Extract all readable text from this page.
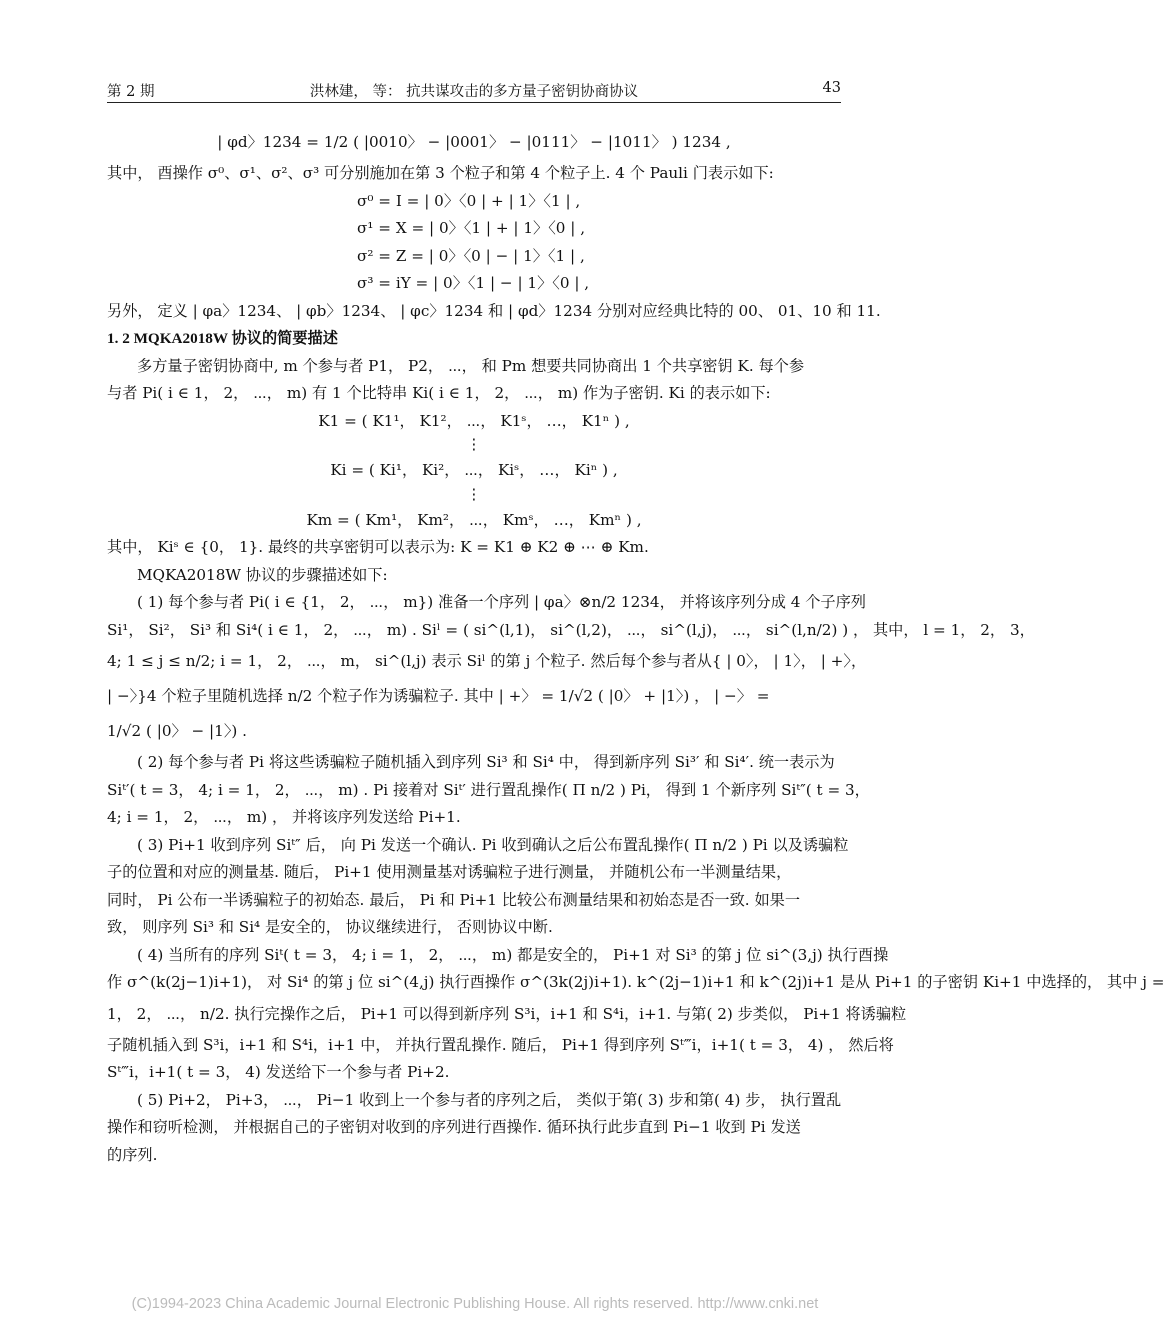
第 2 期	洪林建， 等： 抗共谋攻击的多方量子密钥协商协议	43
| φd〉1234 = 1/2 ( |0010〉 − |0001〉 − |0111〉 − |1011〉 ) 1234 ,
其中， 酉操作 σ⁰、σ¹、σ²、σ³ 可分别施加在第 3 个粒子和第 4 个粒子上. 4 个 Pauli 门表示如下:
σ⁰ = I = | 0〉〈0 | + | 1〉〈1 | ,
σ¹ = X = | 0〉〈1 | + | 1〉〈0 | ,
σ² = Z = | 0〉〈0 | − | 1〉〈1 | ,
σ³ = iY = | 0〉〈1 | − | 1〉〈0 | ,
另外， 定义 | φa〉1234、 | φb〉1234、 | φc〉1234 和 | φd〉1234 分别对应经典比特的 00、 01、10 和 11.
1. 2 MQKA2018W 协议的简要描述
多方量子密钥协商中, m 个参与者 P1， P2， ⋯， 和 Pm 想要共同协商出 1 个共享密钥 K. 每个参
与者 Pi( i ∈ 1， 2， ⋯， m) 有 1 个比特串 Ki( i ∈ 1， 2， ⋯， m) 作为子密钥. Ki 的表示如下:
K1 = ( K1¹， K1²， ⋯， K1ˢ， …， K1ⁿ ) ,
⋮
Ki = ( Ki¹， Ki²， ⋯， Kiˢ， …， Kiⁿ ) ,
⋮
Km = ( Km¹， Km²， ⋯， Kmˢ， …， Kmⁿ ) ,
其中， Kiˢ ∈ {0， 1}. 最终的共享密钥可以表示为: K = K1 ⊕ K2 ⊕ ⋯ ⊕ Km.
MQKA2018W 协议的步骤描述如下:
( 1) 每个参与者 Pi( i ∈ {1， 2， ⋯， m}) 准备一个序列 | φa〉⊗n/2 1234， 并将该序列分成 4 个子序列
Si¹， Si²， Si³ 和 Si⁴( i ∈ 1， 2， ⋯， m) . Siˡ = ( si^(l,1)， si^(l,2)， ⋯， si^(l,j)， ⋯， si^(l,n/2) ) ， 其中， l = 1， 2， 3，
4; 1 ≤ j ≤ n/2; i = 1， 2， ⋯， m， si^(l,j) 表示 Siˡ 的第 j 个粒子. 然后每个参与者从{ | 0〉， | 1〉， | +〉，
| −〉}4 个粒子里随机选择 n/2 个粒子作为诱骗粒子. 其中 | +〉 = 1/√2 ( |0〉 + |1〉) ， | −〉 =
1/√2 ( |0〉 − |1〉) .
( 2) 每个参与者 Pi 将这些诱骗粒子随机插入到序列 Si³ 和 Si⁴ 中， 得到新序列 Si³′ 和 Si⁴′. 统一表示为
Siᵗ′( t = 3， 4; i = 1， 2， ⋯， m) . Pi 接着对 Siᵗ′ 进行置乱操作( Π n/2 ) Pi， 得到 1 个新序列 Siᵗ″( t = 3，
4; i = 1， 2， ⋯， m) ， 并将该序列发送给 Pi+1.
( 3) Pi+1 收到序列 Siᵗ″ 后， 向 Pi 发送一个确认. Pi 收到确认之后公布置乱操作( Π n/2 ) Pi 以及诱骗粒
子的位置和对应的测量基. 随后， Pi+1 使用测量基对诱骗粒子进行测量， 并随机公布一半测量结果，
同时， Pi 公布一半诱骗粒子的初始态. 最后， Pi 和 Pi+1 比较公布测量结果和初始态是否一致. 如果一
致， 则序列 Si³ 和 Si⁴ 是安全的， 协议继续进行， 否则协议中断.
( 4) 当所有的序列 Siᵗ( t = 3， 4; i = 1， 2， ⋯， m) 都是安全的， Pi+1 对 Si³ 的第 j 位 si^(3,j) 执行酉操
作 σ^(k(2j−1)i+1)， 对 Si⁴ 的第 j 位 si^(4,j) 执行酉操作 σ^(3k(2j)i+1). k^(2j−1)i+1 和 k^(2j)i+1 是从 Pi+1 的子密钥 Ki+1 中选择的， 其中 j =
1， 2， ⋯， n/2. 执行完操作之后， Pi+1 可以得到新序列 S³i，i+1 和 S⁴i，i+1. 与第( 2) 步类似， Pi+1 将诱骗粒
子随机插入到 S³i，i+1 和 S⁴i，i+1 中， 并执行置乱操作. 随后， Pi+1 得到序列 Sᵗ‴i，i+1( t = 3， 4) ， 然后将
Sᵗ‴i，i+1( t = 3， 4) 发送给下一个参与者 Pi+2.
( 5) Pi+2， Pi+3， ⋯， Pi−1 收到上一个参与者的序列之后， 类似于第( 3) 步和第( 4) 步， 执行置乱
操作和窃听检测， 并根据自己的子密钥对收到的序列进行酉操作. 循环执行此步直到 Pi−1 收到 Pi 发送
的序列.
(C)1994-2023 China Academic Journal Electronic Publishing House. All rights reserved. http://www.cnki.net
